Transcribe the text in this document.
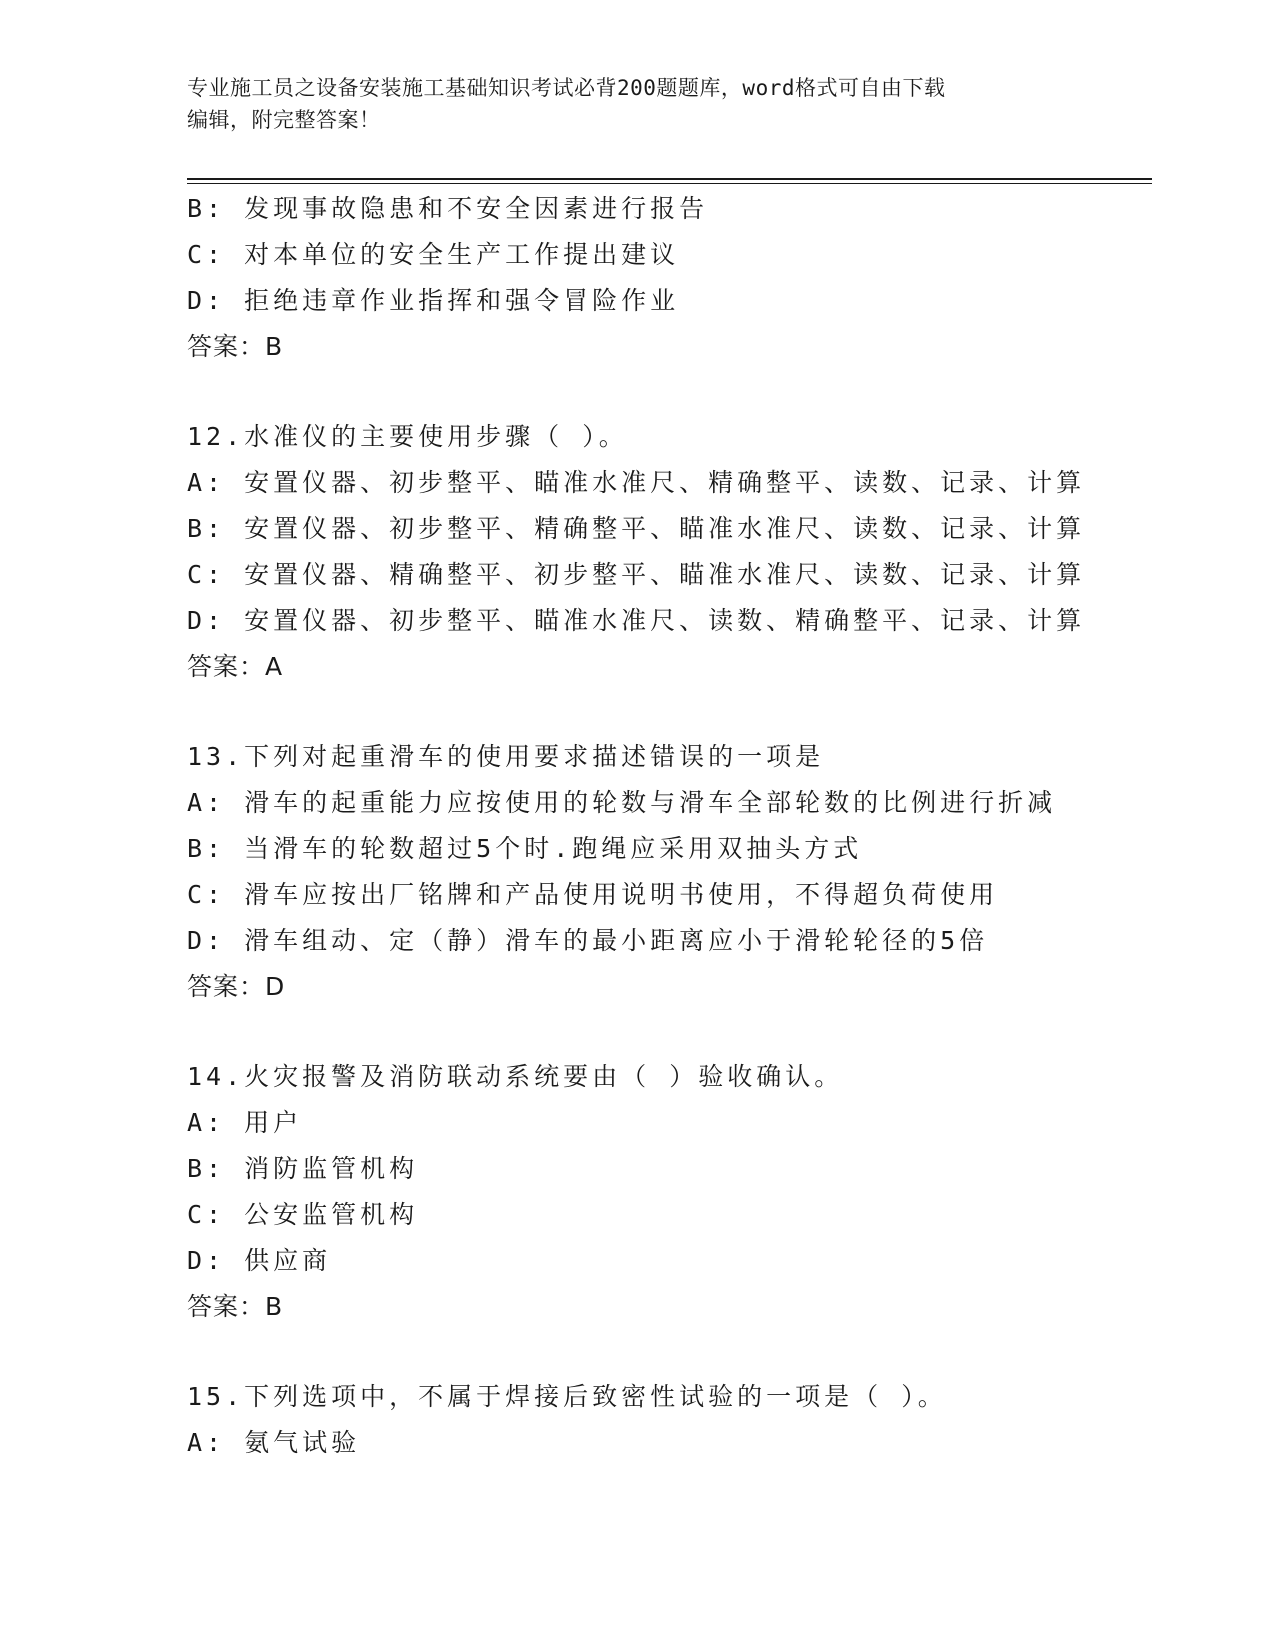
专业施工员之设备安装施工基础知识考试必背200题题库，word格式可自由下载
编辑，附完整答案！
B: 发现事故隐患和不安全因素进行报告
C: 对本单位的安全生产工作提出建议
D: 拒绝违章作业指挥和强令冒险作业
答案：B
12.水准仪的主要使用步骤（ ）。
A: 安置仪器、初步整平、瞄准水准尺、精确整平、读数、记录、计算
B: 安置仪器、初步整平、精确整平、瞄准水准尺、读数、记录、计算
C: 安置仪器、精确整平、初步整平、瞄准水准尺、读数、记录、计算
D: 安置仪器、初步整平、瞄准水准尺、读数、精确整平、记录、计算
答案：A
13.下列对起重滑车的使用要求描述错误的一项是
A: 滑车的起重能力应按使用的轮数与滑车全部轮数的比例进行折减
B: 当滑车的轮数超过5个时.跑绳应采用双抽头方式
C: 滑车应按出厂铭牌和产品使用说明书使用，不得超负荷使用
D: 滑车组动、定（静）滑车的最小距离应小于滑轮轮径的5倍
答案：D
14.火灾报警及消防联动系统要由（ ）验收确认。
A: 用户
B: 消防监管机构
C: 公安监管机构
D: 供应商
答案：B
15.下列选项中，不属于焊接后致密性试验的一项是（ ）。
A: 氨气试验
